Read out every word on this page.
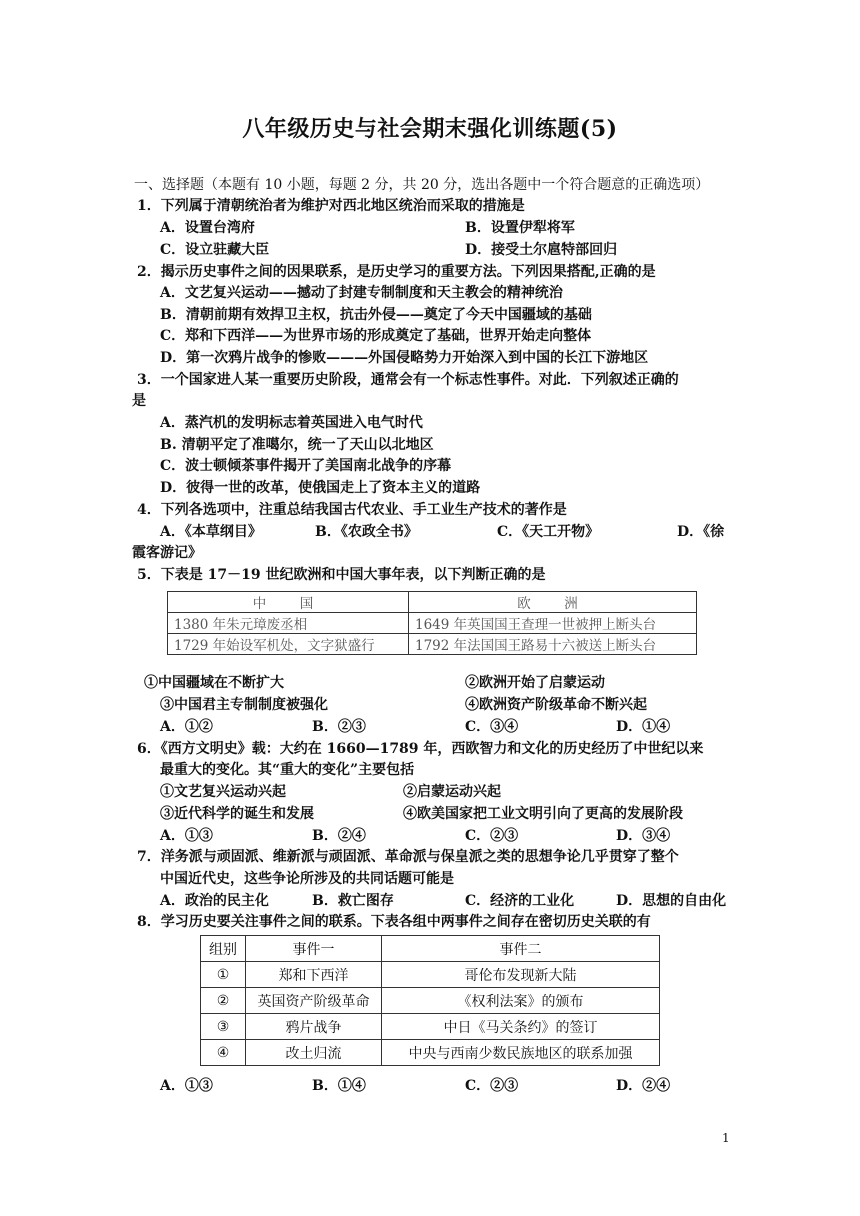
八年级历史与社会期末强化训练题(5)
一、选择题（本题有 10 小题，每题 2 分，共 20 分，选出各题中一个符合题意的正确选项）
1．下列属于清朝统治者为维护对西北地区统治而采取的措施是
A．设置台湾府	B．设置伊犁将军
C．设立驻藏大臣	D．接受土尔扈特部回归
2．揭示历史事件之间的因果联系，是历史学习的重要方法。下列因果搭配,正确的是
A．文艺复兴运动——撼动了封建专制制度和天主教会的精神统治
B．清朝前期有效捍卫主权，抗击外侵——奠定了今天中国疆域的基础
C．郑和下西洋——为世界市场的形成奠定了基础，世界开始走向整体
D．第一次鸦片战争的惨败———外国侵略势力开始深入到中国的长江下游地区
3．一个国家进人某一重要历史阶段，通常会有一个标志性事件。对此．下列叙述正确的
是
A．蒸汽机的发明标志着英国进入电气时代
B. 清朝平定了准噶尔，统一了天山以北地区
C．波士顿倾茶事件揭开了美国南北战争的序幕
D．彼得一世的改革，使俄国走上了资本主义的道路
4．下列各选项中，注重总结我国古代农业、手工业生产技术的著作是
A．《本草纲目》	B．《农政全书》	C．《天工开物》	D．《徐
霞客游记》
5．下表是 17－19 世纪欧洲和中国大事年表，以下判断正确的是
中　国	欧　洲
1380 年朱元璋废丞相	1649 年英国国王查理一世被押上断头台
1729 年始设军机处，文字狱盛行	1792 年法国国王路易十六被送上断头台
①中国疆域在不断扩大	②欧洲开始了启蒙运动
③中国君主专制制度被强化	④欧洲资产阶级革命不断兴起
A．①②	B．②③	C．③④	D．①④
6．《西方文明史》载：大约在 1660—1789 年，西欧智力和文化的历史经历了中世纪以来
最重大的变化。其“重大的变化”主要包括
①文艺复兴运动兴起	②启蒙运动兴起
③近代科学的诞生和发展	④欧美国家把工业文明引向了更高的发展阶段
A．①③	B．②④	C．②③	D．③④
7．洋务派与顽固派、维新派与顽固派、革命派与保皇派之类的思想争论几乎贯穿了整个
中国近代史，这些争论所涉及的共同话题可能是
A．政治的民主化	B．救亡图存	C．经济的工业化	D．思想的自由化
8．学习历史要关注事件之间的联系。下表各组中两事件之间存在密切历史关联的有
组别	事件一	事件二
①	郑和下西洋	哥伦布发现新大陆
②	英国资产阶级革命	《权利法案》的颁布
③	鸦片战争	中日《马关条约》的签订
④	改土归流	中央与西南少数民族地区的联系加强
A．①③	B．①④	C．②③	D．②④
1
